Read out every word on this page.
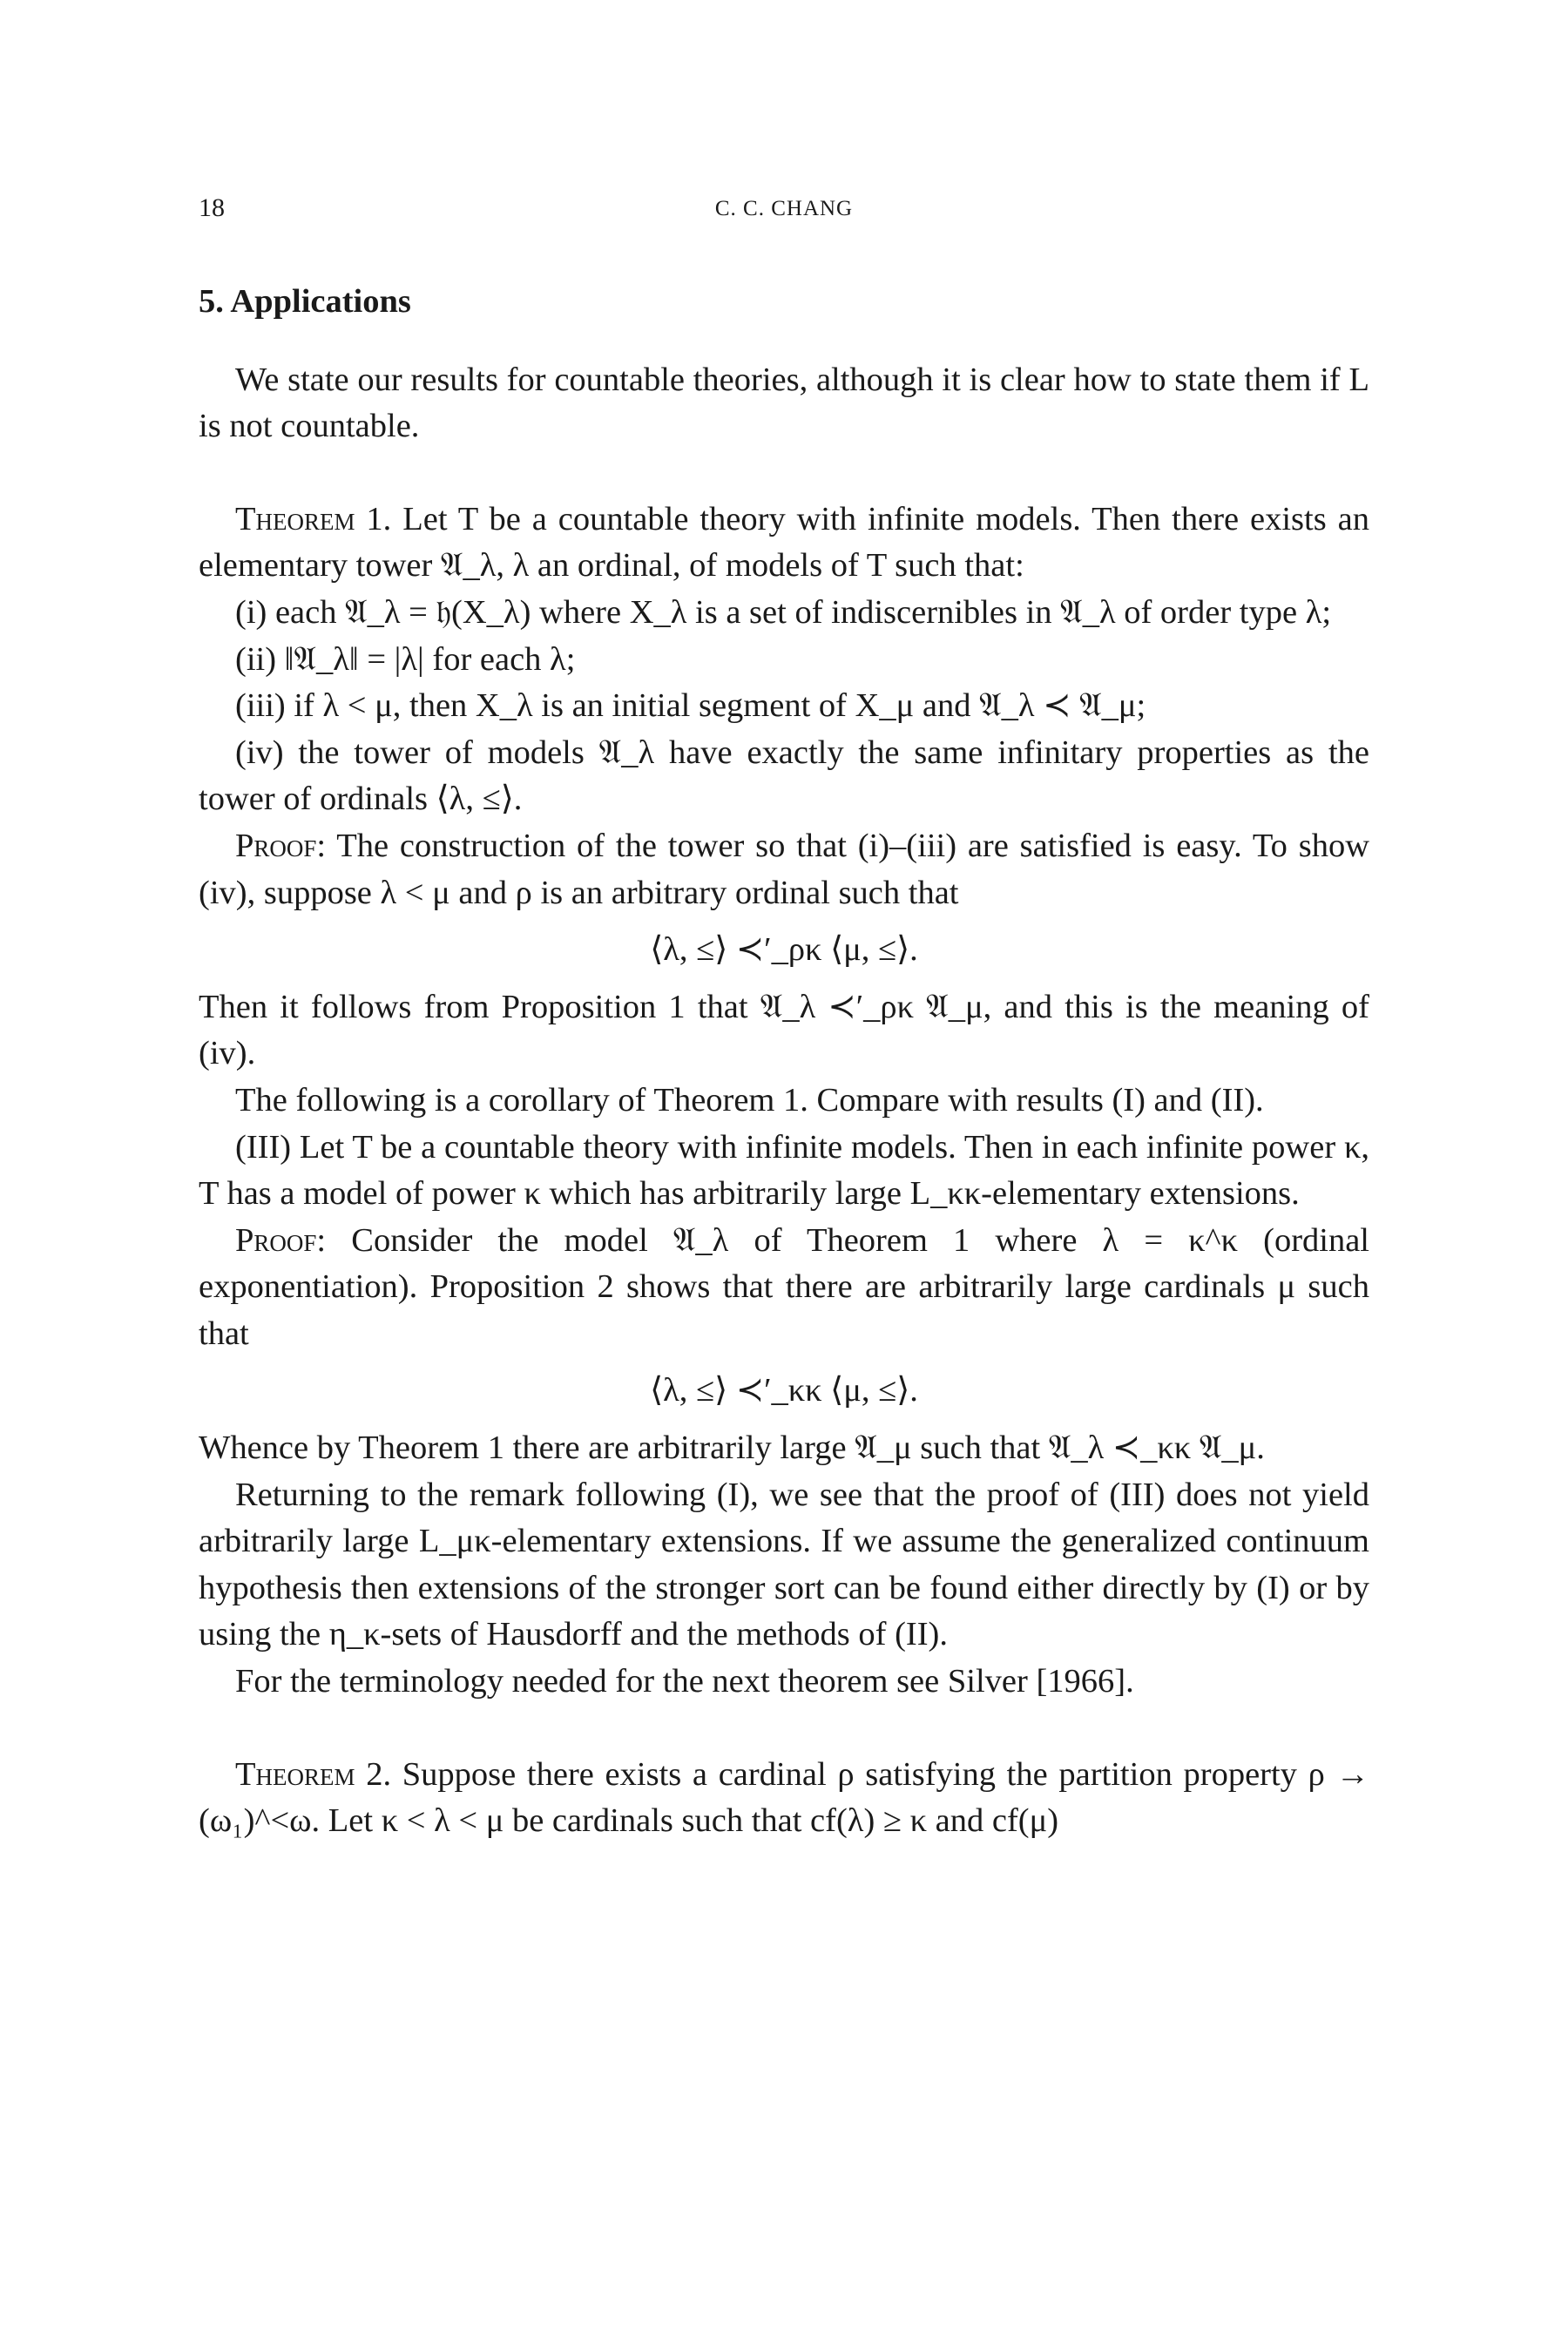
18	C. C. CHANG

5. Applications

We state our results for countable theories, although it is clear how to state them if L is not countable.

Theorem 1. Let T be a countable theory with infinite models. Then there exists an elementary tower 𝔄_λ, λ an ordinal, of models of T such that:

(i) each 𝔄_λ = 𝔥(X_λ) where X_λ is a set of indiscernibles in 𝔄_λ of order type λ;

(ii) ‖𝔄_λ‖ = |λ| for each λ;

(iii) if λ < μ, then X_λ is an initial segment of X_μ and 𝔄_λ ≺ 𝔄_μ;

(iv) the tower of models 𝔄_λ have exactly the same infinitary properties as the tower of ordinals ⟨λ, ≤⟩.

Proof: The construction of the tower so that (i)–(iii) are satisfied is easy. To show (iv), suppose λ < μ and ρ is an arbitrary ordinal such that

⟨λ, ≤⟩ ≺′_ρκ ⟨μ, ≤⟩.

Then it follows from Proposition 1 that 𝔄_λ ≺′_ρκ 𝔄_μ, and this is the meaning of (iv).

The following is a corollary of Theorem 1. Compare with results (I) and (II).

(III) Let T be a countable theory with infinite models. Then in each infinite power κ, T has a model of power κ which has arbitrarily large L_κκ-elementary extensions.

Proof: Consider the model 𝔄_λ of Theorem 1 where λ = κ^κ (ordinal exponentiation). Proposition 2 shows that there are arbitrarily large cardinals μ such that

⟨λ, ≤⟩ ≺′_κκ ⟨μ, ≤⟩.

Whence by Theorem 1 there are arbitrarily large 𝔄_μ such that 𝔄_λ ≺_κκ 𝔄_μ.

Returning to the remark following (I), we see that the proof of (III) does not yield arbitrarily large L_μκ-elementary extensions. If we assume the generalized continuum hypothesis then extensions of the stronger sort can be found either directly by (I) or by using the η_κ-sets of Hausdorff and the methods of (II).

For the terminology needed for the next theorem see Silver [1966].

Theorem 2. Suppose there exists a cardinal ρ satisfying the partition property ρ → (ω₁)^<ω. Let κ < λ < μ be cardinals such that cf(λ) ≥ κ and cf(μ)
